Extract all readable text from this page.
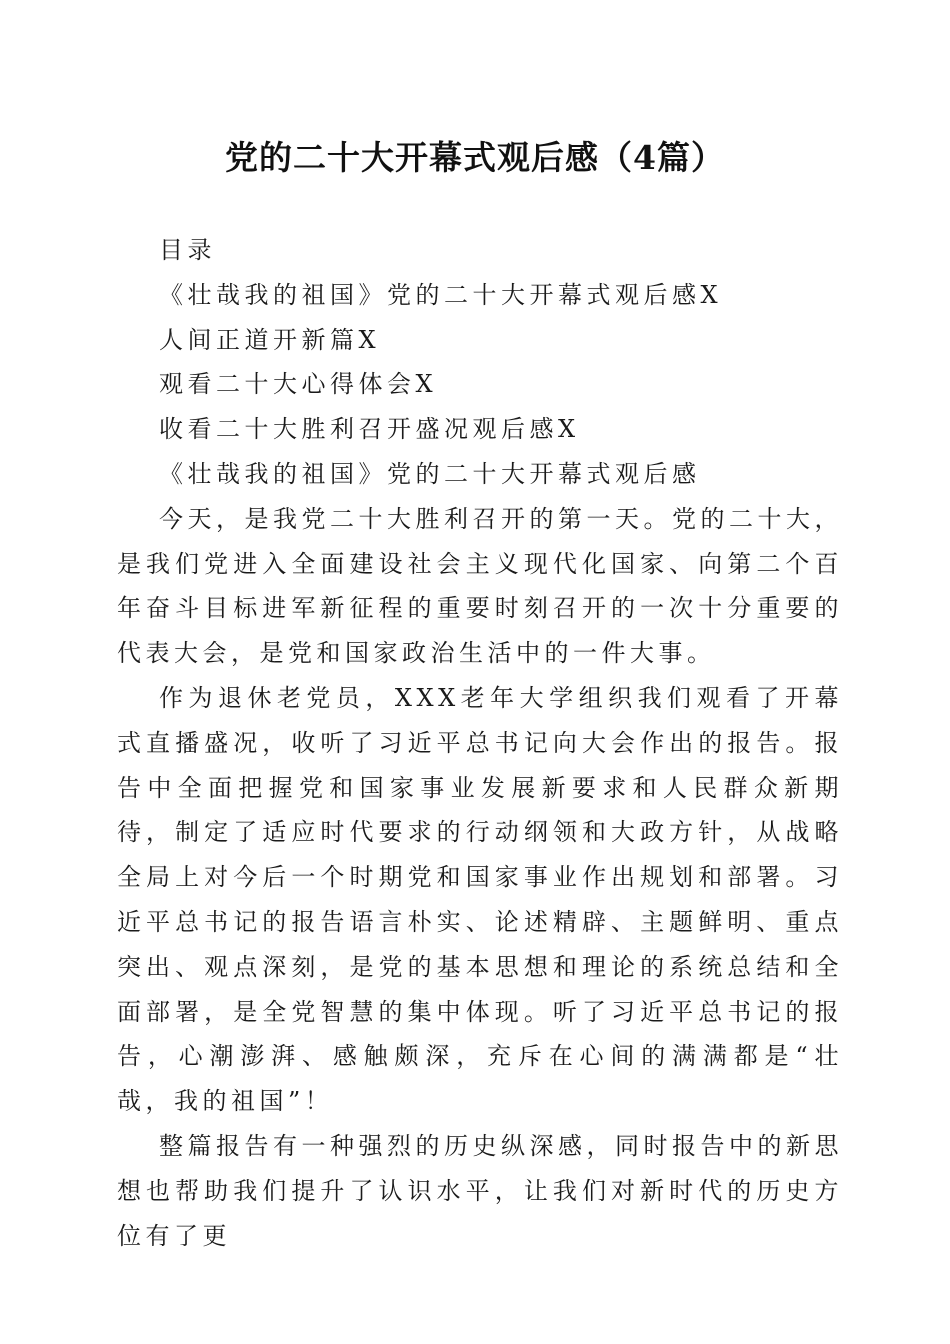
党的二十大开幕式观后感（4篇）

目录

《壮哉我的祖国》党的二十大开幕式观后感X

人间正道开新篇X

观看二十大心得体会X

收看二十大胜利召开盛况观后感X

《壮哉我的祖国》党的二十大开幕式观后感

今天，是我党二十大胜利召开的第一天。党的二十大，是我们党进入全面建设社会主义现代化国家、向第二个百年奋斗目标进军新征程的重要时刻召开的一次十分重要的代表大会，是党和国家政治生活中的一件大事。

作为退休老党员，XXX老年大学组织我们观看了开幕式直播盛况，收听了习近平总书记向大会作出的报告。报告中全面把握党和国家事业发展新要求和人民群众新期待，制定了适应时代要求的行动纲领和大政方针，从战略全局上对今后一个时期党和国家事业作出规划和部署。习近平总书记的报告语言朴实、论述精辟、主题鲜明、重点突出、观点深刻，是党的基本思想和理论的系统总结和全面部署，是全党智慧的集中体现。听了习近平总书记的报告，心潮澎湃、感触颇深，充斥在心间的满满都是“壮哉，我的祖国”！

整篇报告有一种强烈的历史纵深感，同时报告中的新思想也帮助我们提升了认识水平，让我们对新时代的历史方位有了更
